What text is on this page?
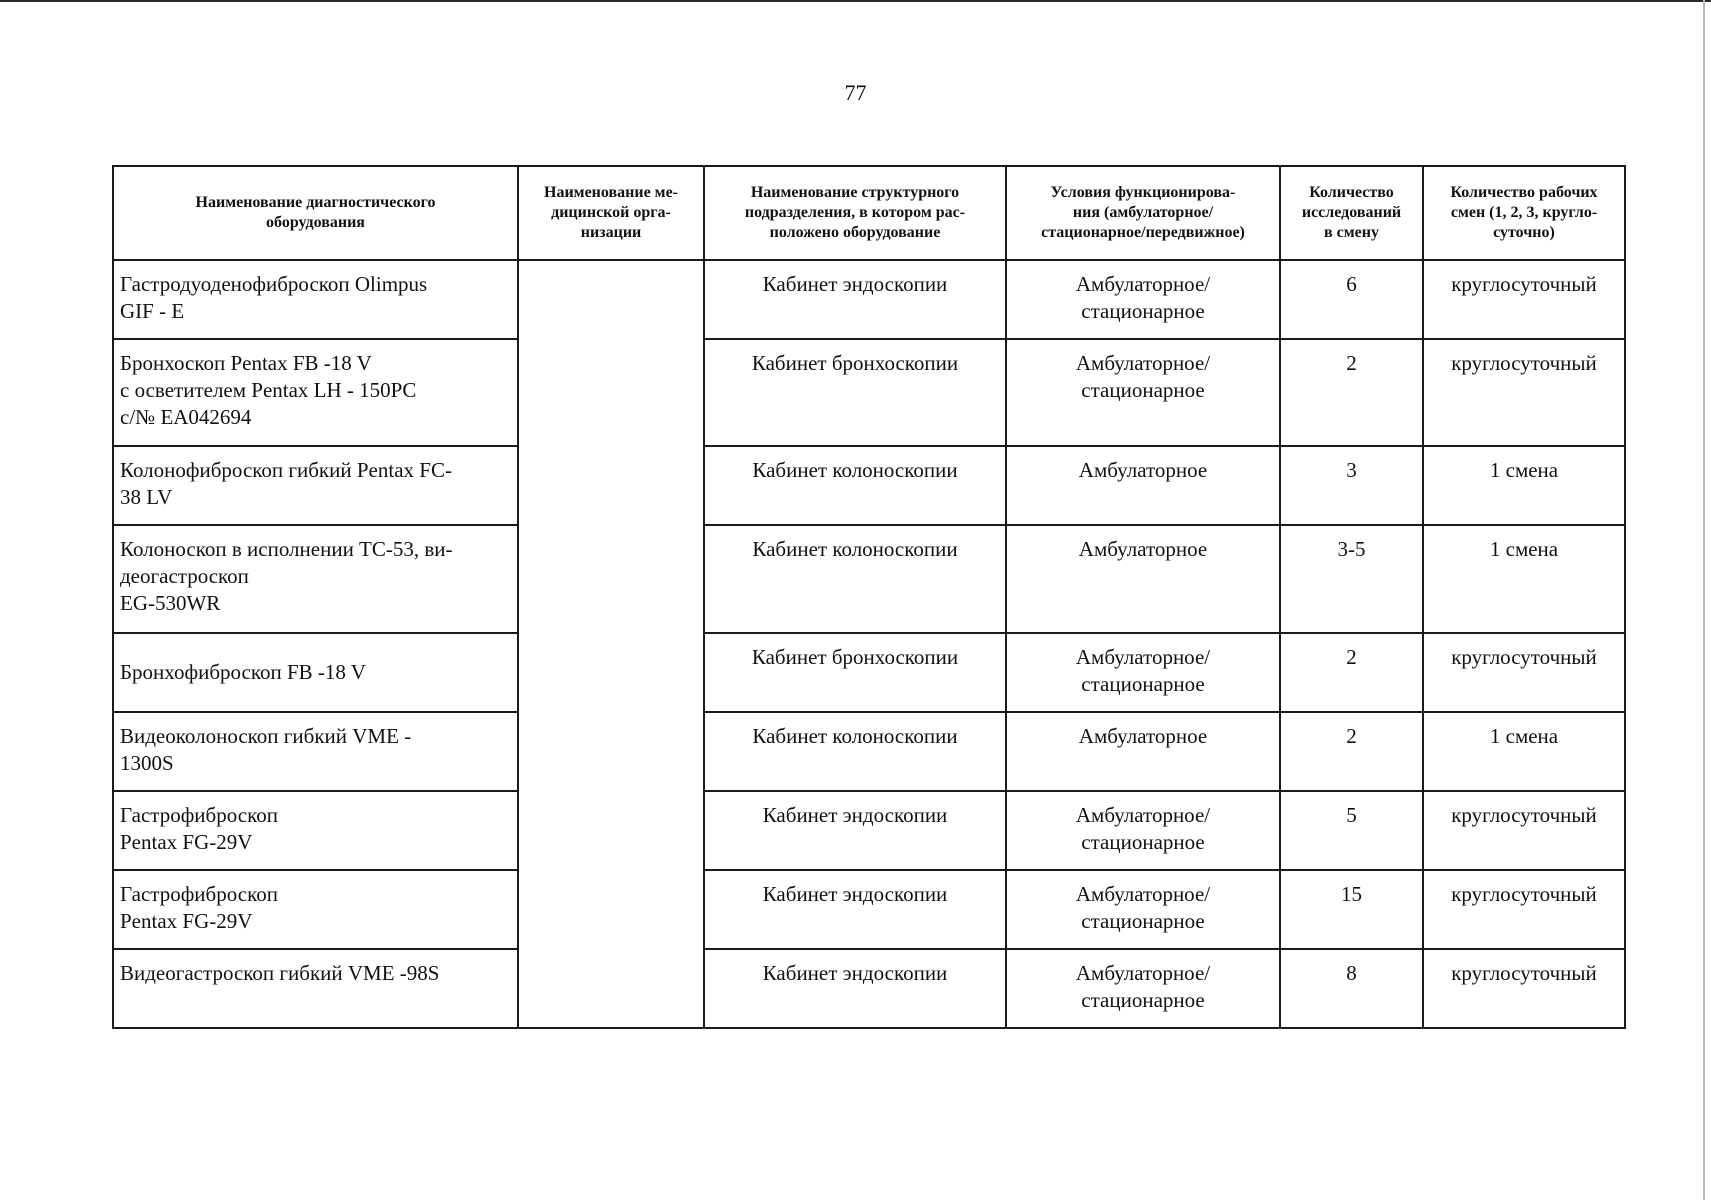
77
Наименование диагностического
оборудования	Наименование ме-
дицинской орга-
низации	Наименование структурного
подразделения, в котором рас-
положено оборудование	Условия функционирова-
ния (амбулаторное/
стационарное/передвижное)	Количество
исследований
в смену	Количество рабочих
смен (1, 2, 3, кругло-
суточно)
Гастродуоденофиброскоп Olimpus
GIF - E		Кабинет эндоскопии	Амбулаторное/
стационарное	6	круглосуточный
Бронхоскоп Pentax FB -18 V
с осветителем Pentax LH - 150PC
с/№ ЕА042694		Кабинет бронхоскопии	Амбулаторное/
стационарное	2	круглосуточный
Колонофиброскоп гибкий Pentax FC-
38 LV		Кабинет колоноскопии	Амбулаторное	3	1 смена
Колоноскоп в исполнении ТС-53, ви-
деогастроскоп
EG-530WR		Кабинет колоноскопии	Амбулаторное	3-5	1 смена
Бронхофиброскоп FB -18 V		Кабинет бронхоскопии	Амбулаторное/
стационарное	2	круглосуточный
Видеоколоноскоп гибкий VME -
1300S		Кабинет колоноскопии	Амбулаторное	2	1 смена
Гастрофиброскоп
Pentax FG-29V		Кабинет эндоскопии	Амбулаторное/
стационарное	5	круглосуточный
Гастрофиброскоп
Pentax FG-29V		Кабинет эндоскопии	Амбулаторное/
стационарное	15	круглосуточный
Видеогастроскоп гибкий VME -98S		Кабинет эндоскопии	Амбулаторное/
стационарное	8	круглосуточный
